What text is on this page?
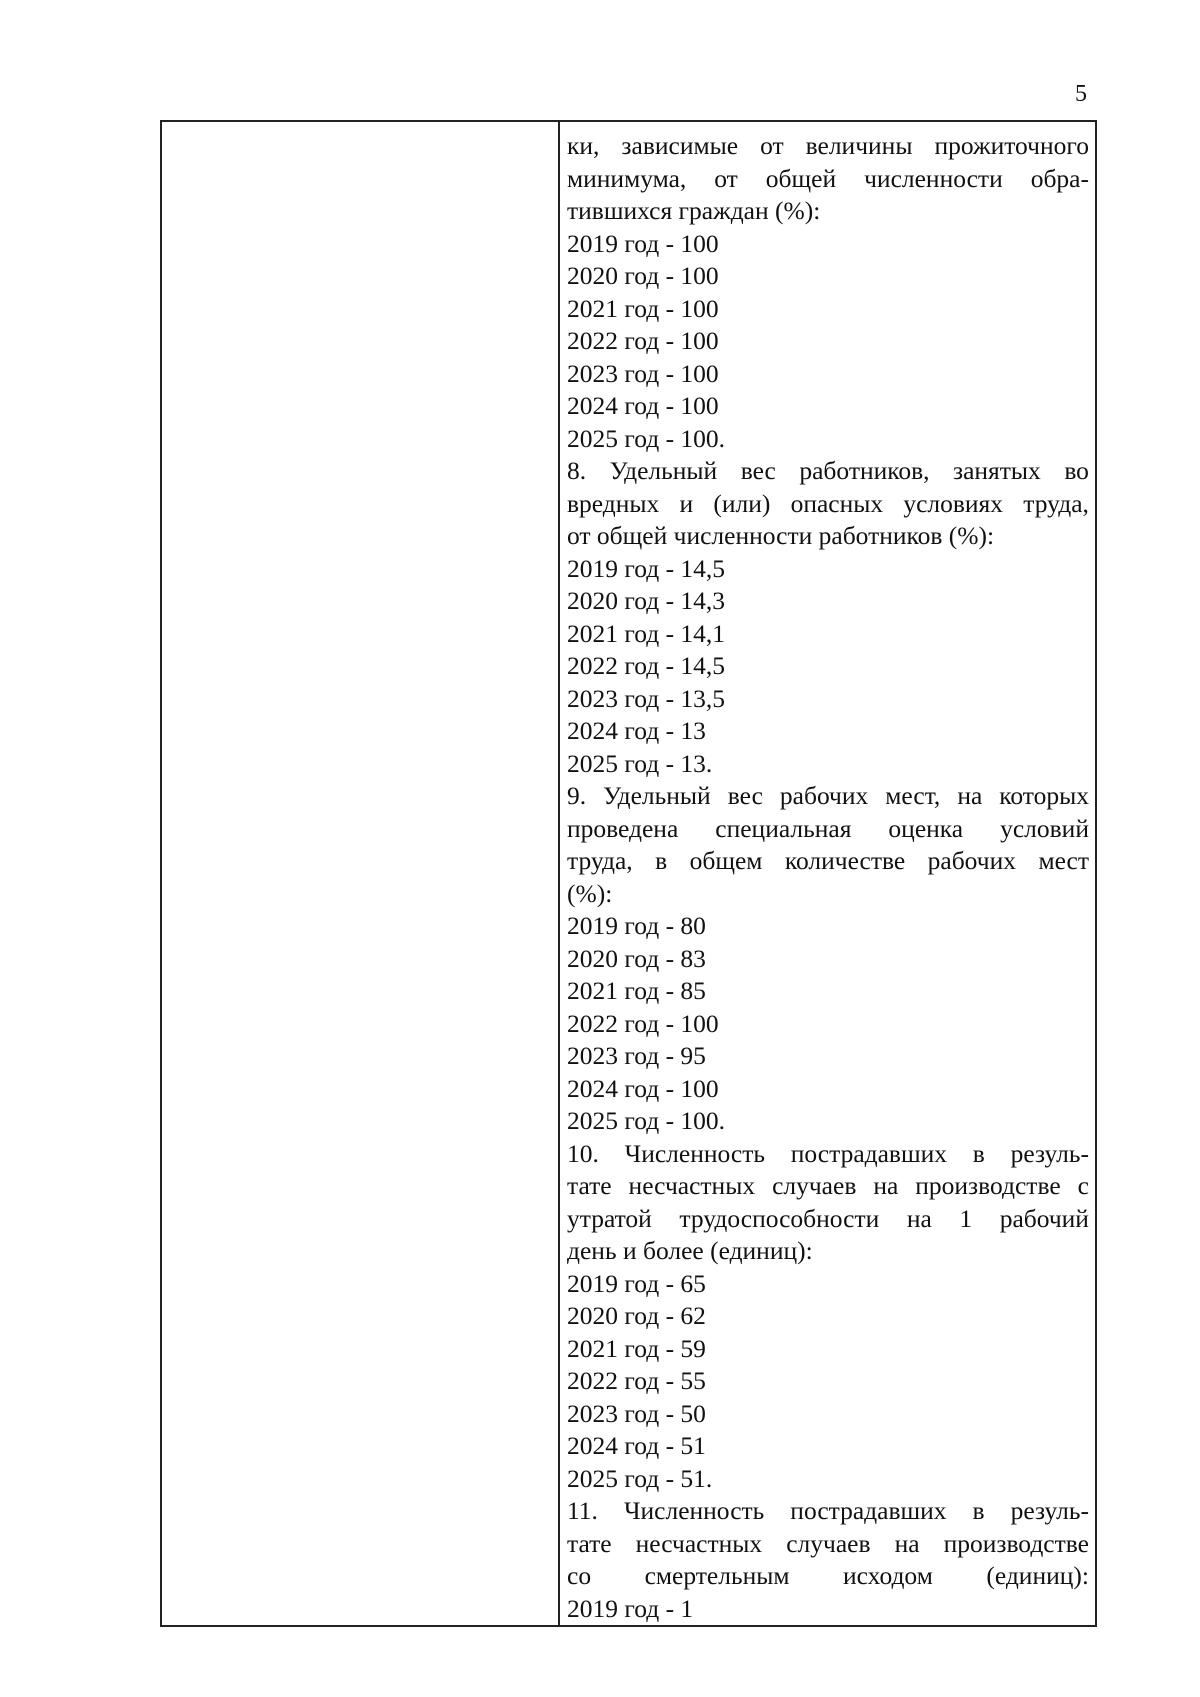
5
ки, зависимые от величины прожиточного
минимума, от общей численности обра-
тившихся граждан (%):
2019 год - 100
2020 год - 100
2021 год - 100
2022 год - 100
2023 год - 100
2024 год - 100
2025 год - 100.
8. Удельный вес работников, занятых во
вредных и (или) опасных условиях труда,
от общей численности работников (%):
2019 год - 14,5
2020 год - 14,3
2021 год - 14,1
2022 год - 14,5
2023 год - 13,5
2024 год - 13
2025 год - 13.
9. Удельный вес рабочих мест, на которых
проведена специальная оценка условий
труда, в общем количестве рабочих мест
(%):
2019 год - 80
2020 год - 83
2021 год - 85
2022 год - 100
2023 год - 95
2024 год - 100
2025 год - 100.
10. Численность пострадавших в резуль-
тате несчастных случаев на производстве с
утратой трудоспособности на 1 рабочий
день и более (единиц):
2019 год - 65
2020 год - 62
2021 год - 59
2022 год - 55
2023 год - 50
2024 год - 51
2025 год - 51.
11. Численность пострадавших в резуль-
тате несчастных случаев на производстве
со смертельным исходом (единиц):
2019 год - 1
